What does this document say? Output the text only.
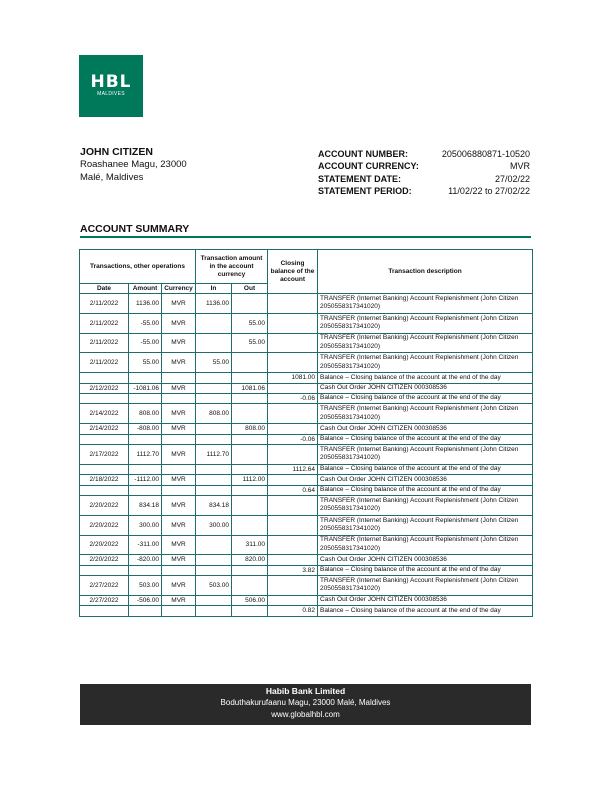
HBL
MALDIVES
JOHN CITIZEN
Roashanee Magu, 23000
Malé, Maldives
ACCOUNT NUMBER:	205006880871-10520
ACCOUNT CURRENCY:	MVR
STATEMENT DATE:	27/02/22
STATEMENT PERIOD:	11/02/22 to 27/02/22
ACCOUNT SUMMARY
Transactions, other operations			Transaction amount in the account currency		Closing balance of the account	Transaction description
Date	Amount	Currency	In	Out		
2/11/2022	1136.00	MVR	1136.00			TRANSFER (Internet Banking) Account Replenishment (John Citizen 2050558317341020)
2/11/2022	-55.00	MVR		55.00		TRANSFER (Internet Banking) Account Replenishment (John Citizen 2050558317341020)
2/11/2022	-55.00	MVR		55.00		TRANSFER (Internet Banking) Account Replenishment (John Citizen 2050558317341020)
2/11/2022	55.00	MVR	55.00			TRANSFER (Internet Banking) Account Replenishment (John Citizen 2050558317341020)
					1081.00	Balance – Closing balance of the account at the end of the day
2/12/2022	-1081.06	MVR		1081.06		Cash Out Order JOHN CITIZEN 000308536
					-0.06	Balance – Closing balance of the account at the end of the day
2/14/2022	808.00	MVR	808.00			TRANSFER (Internet Banking) Account Replenishment (John Citizen 2050558317341020)
2/14/2022	-808.00	MVR		808.00		Cash Out Order JOHN CITIZEN 000308536
					-0.06	Balance – Closing balance of the account at the end of the day
2/17/2022	1112.70	MVR	1112.70			TRANSFER (Internet Banking) Account Replenishment (John Citizen 2050558317341020)
					1112.64	Balance – Closing balance of the account at the end of the day
2/18/2022	-1112.00	MVR		1112.00		Cash Out Order JOHN CITIZEN 000308536
					0.64	Balance – Closing balance of the account at the end of the day
2/20/2022	834.18	MVR	834.18			TRANSFER (Internet Banking) Account Replenishment (John Citizen 2050558317341020)
2/20/2022	300.00	MVR	300.00			TRANSFER (Internet Banking) Account Replenishment (John Citizen 2050558317341020)
2/20/2022	-311.00	MVR		311.00		TRANSFER (Internet Banking) Account Replenishment (John Citizen 2050558317341020)
2/20/2022	-820.00	MVR		820.00		Cash Out Order JOHN CITIZEN 000308536
					3.82	Balance – Closing balance of the account at the end of the day
2/27/2022	503.00	MVR	503.00			TRANSFER (Internet Banking) Account Replenishment (John Citizen 2050558317341020)
2/27/2022	-506.00	MVR		506.00		Cash Out Order JOHN CITIZEN 000308536
					0.82	Balance – Closing balance of the account at the end of the day
Habib Bank Limited
Boduthakurufaanu Magu, 23000 Malé, Maldives
www.globalhbl.com
